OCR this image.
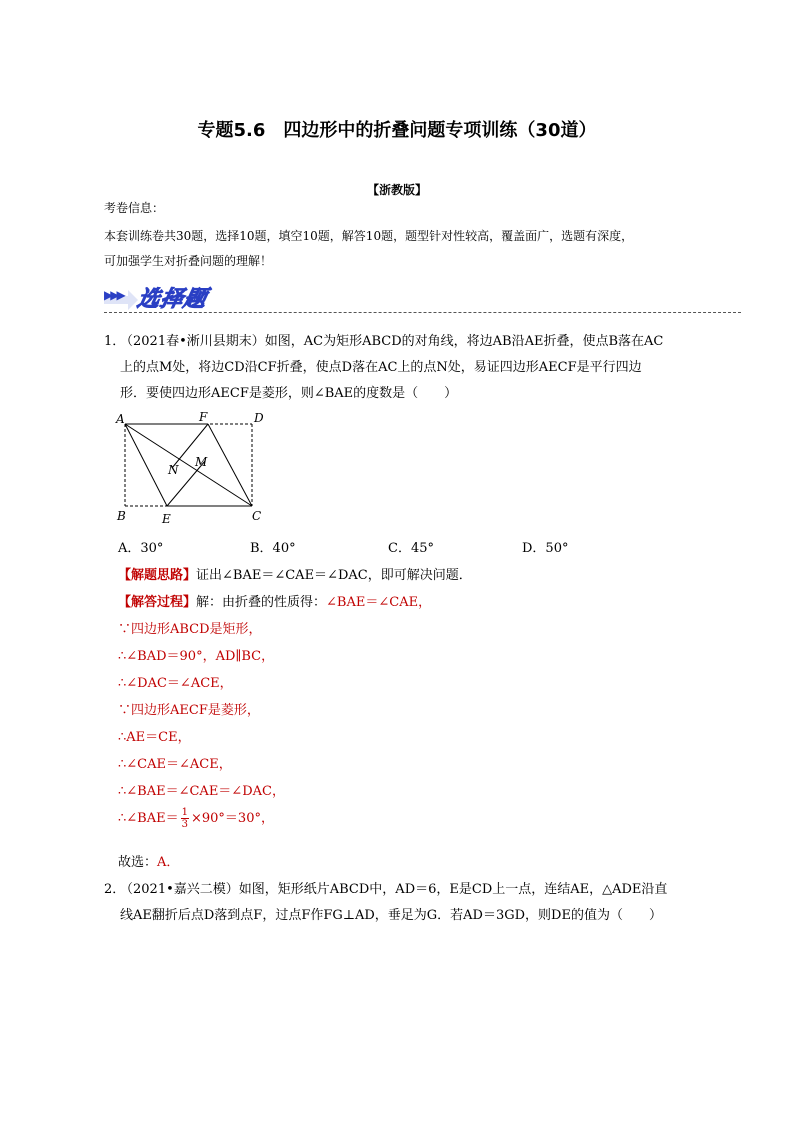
专题5.6　四边形中的折叠问题专项训练（30道）
【浙教版】
考卷信息：
本套训练卷共30题，选择10题，填空10题，解答10题，题型针对性较高，覆盖面广，选题有深度，
可加强学生对折叠问题的理解！
▶▶▶ 选择题
1．
（2021春•淅川县期末）如图，AC为矩形ABCD的对角线，将边AB沿AE折叠，使点B落在AC
上的点M处，将边CD沿CF折叠，使点D落在AC上的点N处，易证四边形AECF是平行四边
形．要使四边形AECF是菱形，则∠BAE的度数是（　　）
A	F	D
N
M
B	E	C
A．30°	B．40°	C．45°	D．50°
【解题思路】证出∠BAE＝∠CAE＝∠DAC，即可解决问题．
【解答过程】解：由折叠的性质得：∠BAE＝∠CAE，
∵四边形ABCD是矩形，
∴∠BAD＝90°，AD∥BC，
∴∠DAC＝∠ACE，
∵四边形AECF是菱形，
∴AE＝CE，
∴∠CAE＝∠ACE，
∴∠BAE＝∠CAE＝∠DAC，
∴∠BAE＝ $\frac{1}{3} \times 90^\circ=30^\circ$，
故选：A．
2．
（2021•嘉兴二模）如图，矩形纸片ABCD中，AD＝6，E是CD上一点，连结AE，△ADE沿直
线AE翻折后点D落到点F，过点F作FG⊥AD，垂足为G．若AD＝3GD，则DE的值为（　　）
